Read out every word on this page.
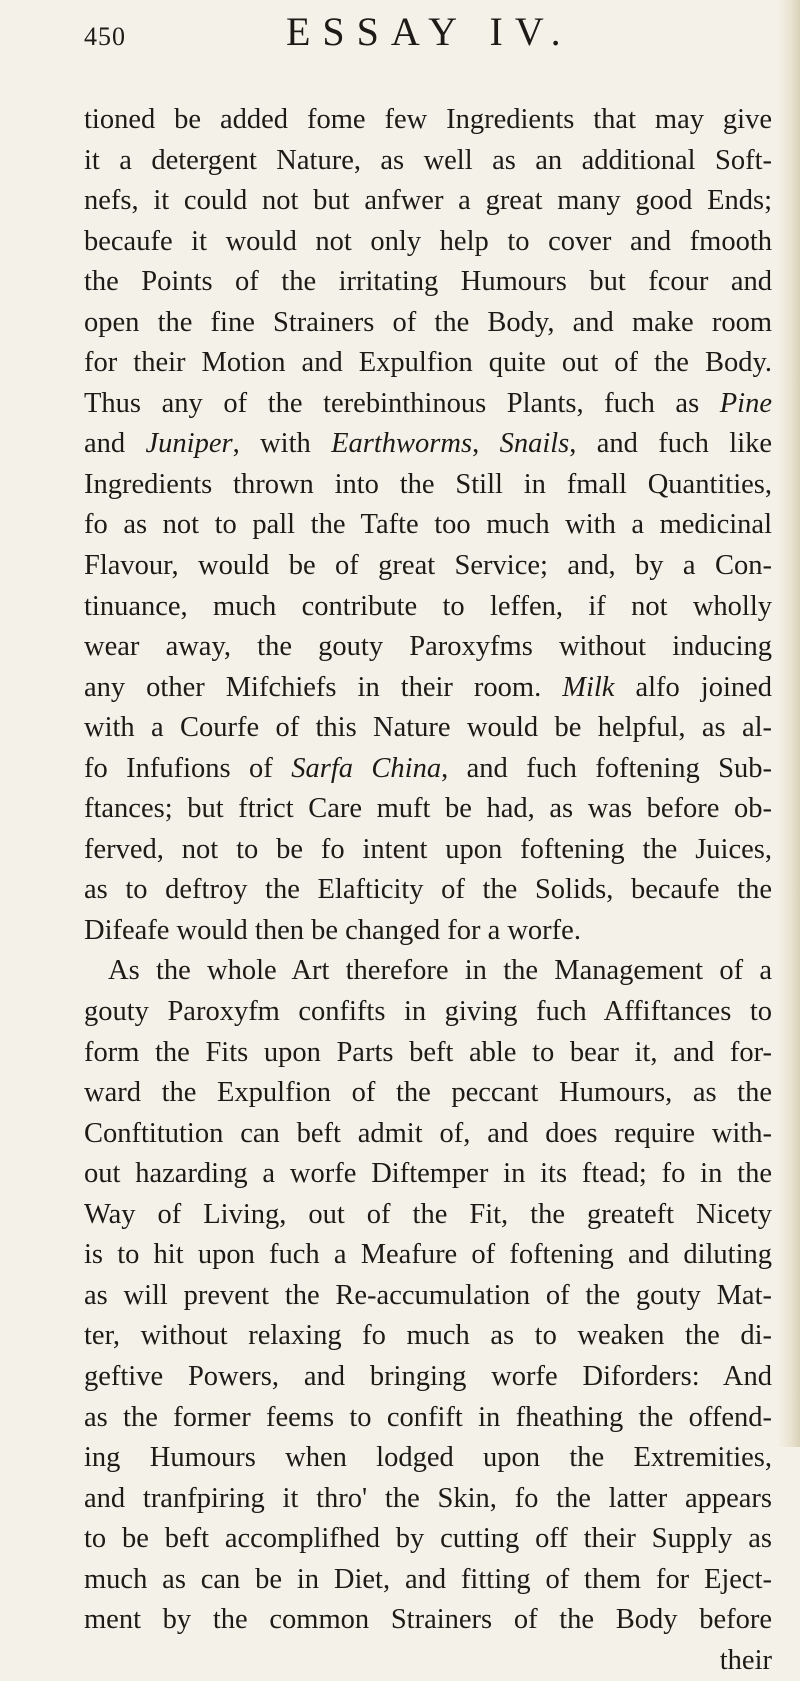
450	ESSAY IV.
tioned be added fome few Ingredients that may give
it a detergent Nature, as well as an additional Soft-
nefs, it could not but anfwer a great many good Ends;
becaufe it would not only help to cover and fmooth
the Points of the irritating Humours but fcour and
open the fine Strainers of the Body, and make room
for their Motion and Expulfion quite out of the Body.
Thus any of the terebinthinous Plants, fuch as Pine
and Juniper, with Earthworms, Snails, and fuch like
Ingredients thrown into the Still in fmall Quantities,
fo as not to pall the Tafte too much with a medicinal
Flavour, would be of great Service; and, by a Con-
tinuance, much contribute to leffen, if not wholly
wear away, the gouty Paroxyfms without inducing
any other Mifchiefs in their room. Milk alfo joined
with a Courfe of this Nature would be helpful, as al-
fo Infufions of Sarfa China, and fuch foftening Sub-
ftances; but ftrict Care muft be had, as was before ob-
ferved, not to be fo intent upon foftening the Juices,
as to deftroy the Elafticity of the Solids, becaufe the
Difeafe would then be changed for a worfe.
As the whole Art therefore in the Management of a
gouty Paroxyfm confifts in giving fuch Affiftances to
form the Fits upon Parts beft able to bear it, and for-
ward the Expulfion of the peccant Humours, as the
Conftitution can beft admit of, and does require with-
out hazarding a worfe Diftemper in its ftead; fo in the
Way of Living, out of the Fit, the greateft Nicety
is to hit upon fuch a Meafure of foftening and diluting
as will prevent the Re-accumulation of the gouty Mat-
ter, without relaxing fo much as to weaken the di-
geftive Powers, and bringing worfe Diforders: And
as the former feems to confift in fheathing the offend-
ing Humours when lodged upon the Extremities,
and tranfpiring it thro' the Skin, fo the latter appears
to be beft accomplifhed by cutting off their Supply as
much as can be in Diet, and fitting of them for Eject-
ment by the common Strainers of the Body before
their
